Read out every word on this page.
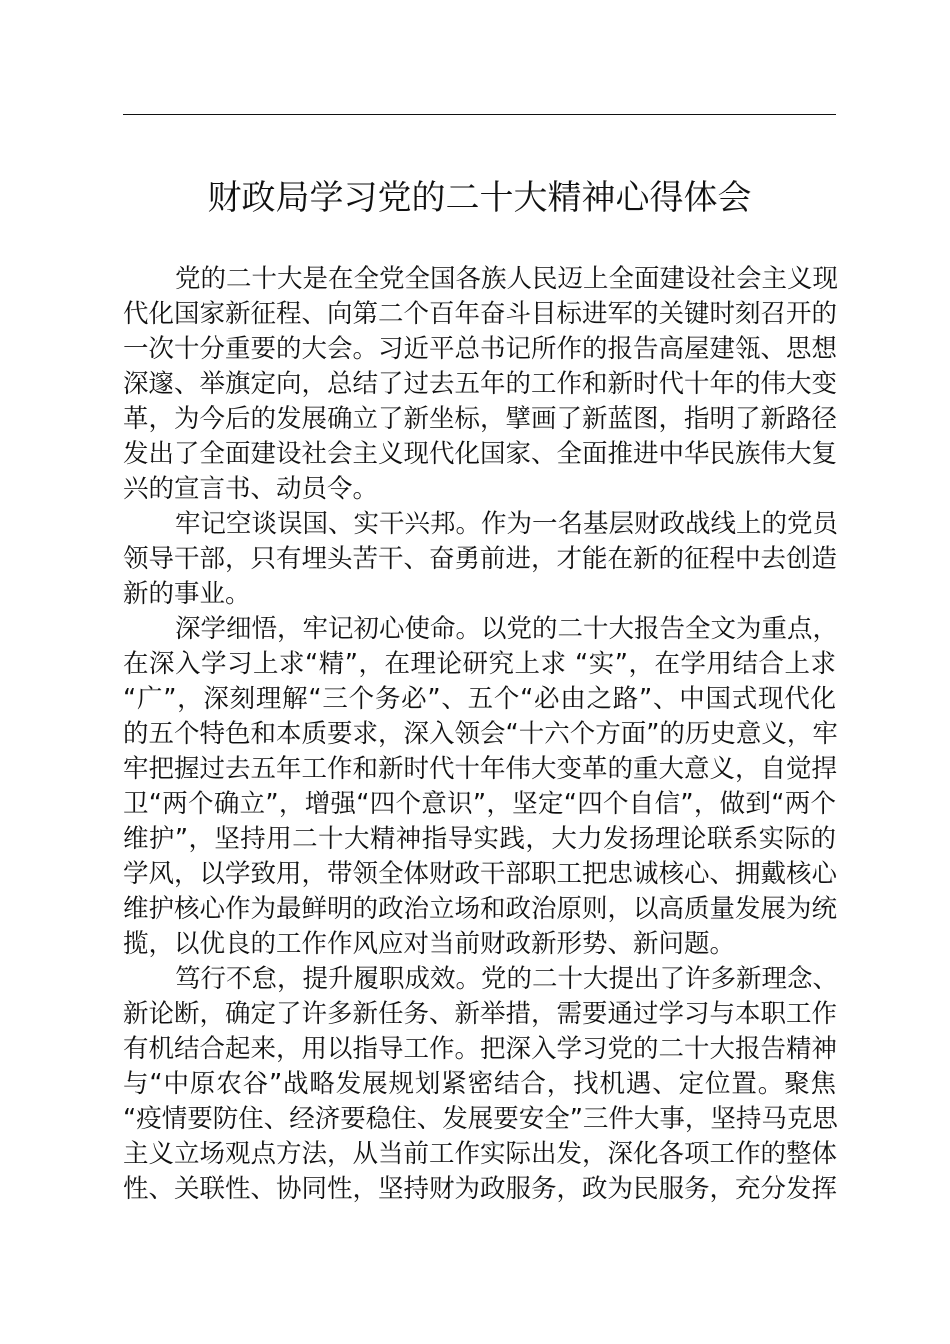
财政局学习党的二十大精神心得体会
党的二十大是在全党全国各族人民迈上全面建设社会主义现
代化国家新征程、向第二个百年奋斗目标进军的关键时刻召开的
一次十分重要的大会。习近平总书记所作的报告高屋建瓴、思想
深邃、举旗定向，总结了过去五年的工作和新时代十年的伟大变
革，为今后的发展确立了新坐标，擘画了新蓝图，指明了新路径
发出了全面建设社会主义现代化国家、全面推进中华民族伟大复
兴的宣言书、动员令。
牢记空谈误国、实干兴邦。作为一名基层财政战线上的党员
领导干部，只有埋头苦干、奋勇前进，才能在新的征程中去创造
新的事业。
深学细悟，牢记初心使命。以党的二十大报告全文为重点，
在深入学习上求“精”，在理论研究上求 “实”，在学用结合上求
“广”，深刻理解“三个务必”、五个“必由之路”、中国式现代化
的五个特色和本质要求，深入领会“十六个方面”的历史意义，牢
牢把握过去五年工作和新时代十年伟大变革的重大意义，自觉捍
卫“两个确立”，增强“四个意识”，坚定“四个自信”，做到“两个
维护”，坚持用二十大精神指导实践，大力发扬理论联系实际的
学风，以学致用，带领全体财政干部职工把忠诚核心、拥戴核心
维护核心作为最鲜明的政治立场和政治原则，以高质量发展为统
揽，以优良的工作作风应对当前财政新形势、新问题。
笃行不怠，提升履职成效。党的二十大提出了许多新理念、
新论断，确定了许多新任务、新举措，需要通过学习与本职工作
有机结合起来，用以指导工作。把深入学习党的二十大报告精神
与“中原农谷”战略发展规划紧密结合，找机遇、定位置。聚焦
“疫情要防住、经济要稳住、发展要安全”三件大事，坚持马克思
主义立场观点方法，从当前工作实际出发，深化各项工作的整体
性、关联性、协同性，坚持财为政服务，政为民服务，充分发挥
